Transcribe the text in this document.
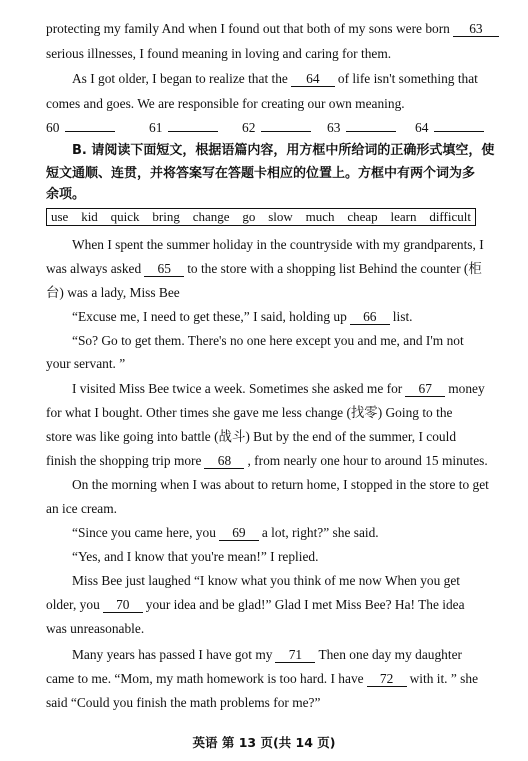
protecting my family And when I found out that both of my sons were born 63
serious illnesses, I found meaning in loving and caring for them.
As I got older, I began to realize that the 64 of life isn't something that
comes and goes. We are responsible for creating our own meaning.
60	61	62	63	64
B. 请阅读下面短文，根据语篇内容，用方框中所给词的正确形式填空，使
短文通顺、连贯，并将答案写在答题卡相应的位置上。方框中有两个词为多
余项。
use kid quick bring change go slow much cheap learn difficult
When I spent the summer holiday in the countryside with my grandparents, I
was always asked 65 to the store with a shopping list Behind the counter (柜
台) was a lady, Miss Bee
“Excuse me, I need to get these,” I said, holding up 66 list.
“So? Go to get them. There's no one here except you and me, and I'm not
your servant. ”
I visited Miss Bee twice a week. Sometimes she asked me for 67 money
for what I bought. Other times she gave me less change (找零) Going to the
store was like going into battle (战斗) But by the end of the summer, I could
finish the shopping trip more 68 , from nearly one hour to around 15 minutes.
On the morning when I was about to return home, I stopped in the store to get
an ice cream.
“Since you came here, you 69 a lot, right?” she said.
“Yes, and I know that you're mean!” I replied.
Miss Bee just laughed “I know what you think of me now When you get
older, you 70 your idea and be glad!” Glad I met Miss Bee? Ha! The idea
was unreasonable.
Many years has passed I have got my 71 Then one day my daughter
came to me. “Mom, my math homework is too hard. I have 72 with it. ” she
said “Could you finish the math problems for me?”
英语 第 13 页(共 14 页)
